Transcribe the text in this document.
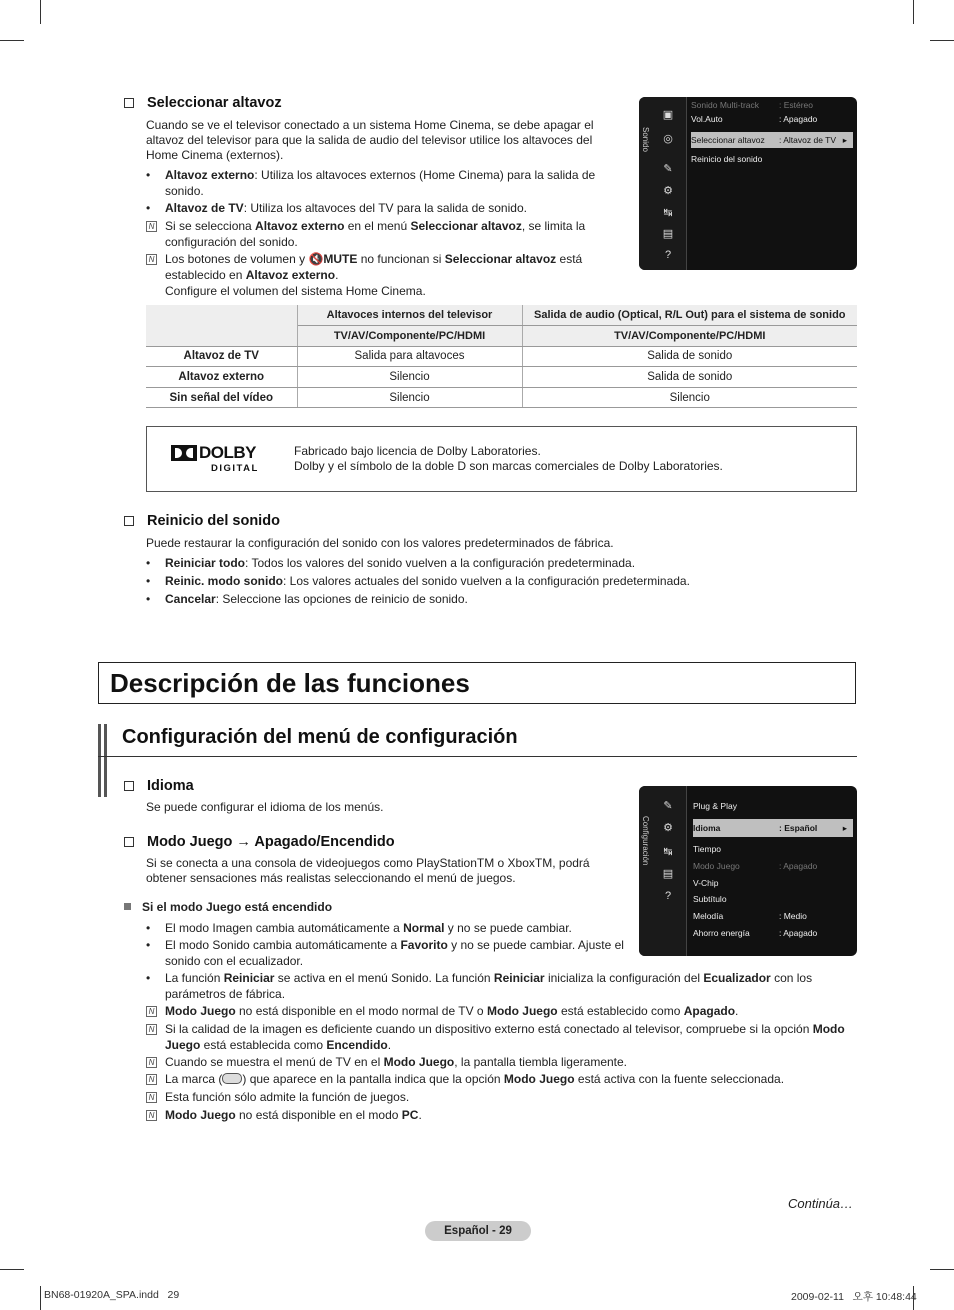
Seleccionar altavoz
Cuando se ve el televisor conectado a un sistema Home Cinema, se debe apagar el altavoz del televisor para que la salida de audio del televisor utilice los altavoces del Home Cinema (externos).
• Altavoz externo: Utiliza los altavoces externos (Home Cinema) para la salida de sonido.
• Altavoz de TV: Utiliza los altavoces del TV para la salida de sonido.
N Si se selecciona Altavoz externo en el menú Seleccionar altavoz, se limita la configuración del sonido.
N Los botones de volumen y 🔇MUTE no funcionan si Seleccionar altavoz está establecido en Altavoz externo.
Configure el volumen del sistema Home Cinema.
Sonido
▣
◎
✎
⚙
↹
▤
?
Sonido Multi-track : Estéreo
Vol.Auto	: Apagado
Seleccionar altavoz : Altavoz de TV ▸
Reinicio del sonido
	Altavoces internos del televisor	Salida de audio (Optical, R/L Out) para el sistema de sonido
	TV/AV/Componente/PC/HDMI	TV/AV/Componente/PC/HDMI
Altavoz de TV	Salida para altavoces	Salida de sonido
Altavoz externo	Silencio	Salida de sonido
Sin señal del vídeo	Silencio	Silencio
DOLBY
DIGITAL
Fabricado bajo licencia de Dolby Laboratories.
Dolby y el símbolo de la doble D son marcas comerciales de Dolby Laboratories.
Reinicio del sonido
Puede restaurar la configuración del sonido con los valores predeterminados de fábrica.
• Reiniciar todo: Todos los valores del sonido vuelven a la configuración predeterminada.
• Reinic. modo sonido: Los valores actuales del sonido vuelven a la configuración predeterminada.
• Cancelar: Seleccione las opciones de reinicio de sonido.
Descripción de las funciones
Configuración del menú de configuración
Idioma
Se puede configurar el idioma de los menús.
Modo Juego → Apagado/Encendido
Si se conecta a una consola de videojuegos como PlayStationTM o XboxTM, podrá obtener sensaciones más realistas seleccionando el menú de juegos.
Si el modo Juego está encendido
• El modo Imagen cambia automáticamente a Normal y no se puede cambiar.
• El modo Sonido cambia automáticamente a Favorito y no se puede cambiar. Ajuste el sonido con el ecualizador.
• La función Reiniciar se activa en el menú Sonido. La función Reiniciar inicializa la configuración del Ecualizador con los parámetros de fábrica.
N Modo Juego no está disponible en el modo normal de TV o Modo Juego está establecido como Apagado.
N Si la calidad de la imagen es deficiente cuando un dispositivo externo está conectado al televisor, compruebe si la opción Modo Juego está establecida como Encendido.
N Cuando se muestra el menú de TV en el Modo Juego, la pantalla tiembla ligeramente.
N La marca ( ) que aparece en la pantalla indica que la opción Modo Juego está activa con la fuente seleccionada.
N Esta función sólo admite la función de juegos.
N Modo Juego no está disponible en el modo PC.
Configuración
✎
⚙
↹
▤
?
Plug & Play
Idioma	: Español	▸
Tiempo
Modo Juego	: Apagado
V-Chip
Subtítulo
Melodía	: Medio
Ahorro energía	: Apagado
Continúa…
Español - 29
BN68-01920A_SPA.indd   29	2009-02-11   오후 10:48:44
